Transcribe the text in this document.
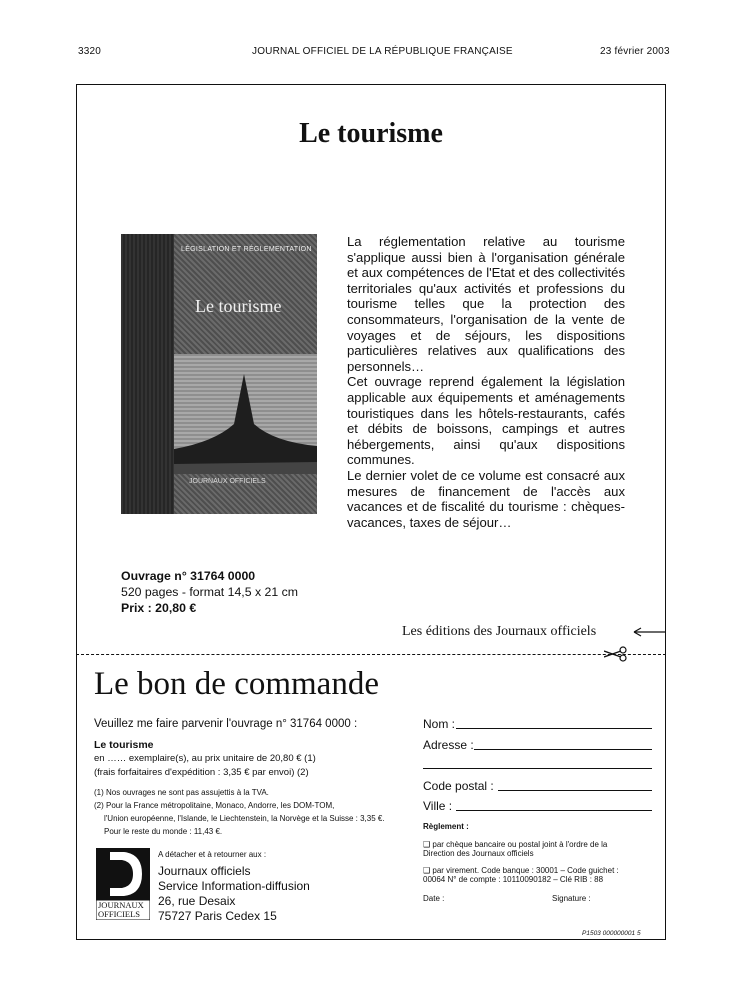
3320	JOURNAL OFFICIEL DE LA RÉPUBLIQUE FRANÇAISE	23 février 2003
Le tourisme
LÉGISLATION ET RÉGLEMENTATION
Le tourisme
JOURNAUX OFFICIELS

La réglementation relative au tourisme s'applique aussi bien à l'organisation générale et aux compétences de l'Etat et des collectivités territoriales qu'aux activités et professions du tourisme telles que la protection des consommateurs, l'organisation de la vente de voyages et de séjours, les dispositions particulières relatives aux qualifications des personnels…

Cet ouvrage reprend également la législation applicable aux équipements et aménagements touristiques dans les hôtels-restaurants, cafés et débits de boissons, campings et autres hébergements, ainsi qu'aux dispositions communes.

Le dernier volet de ce volume est consacré aux mesures de financement de l'accès aux vacances et de fiscalité du tourisme : chèques-vacances, taxes de séjour…

Ouvrage n° 31764 0000
520 pages - format 14,5 x 21 cm
Prix : 20,80 €
Les éditions des Journaux officiels
Le bon de commande
Veuillez me faire parvenir l'ouvrage n° 31764 0000 :
Le tourisme
en …… exemplaire(s), au prix unitaire de 20,80 € (1)
(frais forfaitaires d'expédition : 3,35 € par envoi) (2)
(1) Nos ouvrages ne sont pas assujettis à la TVA.
(2) Pour la France métropolitaine, Monaco, Andorre, les DOM-TOM,
l'Union européenne, l'Islande, le Liechtenstein, la Norvège et la Suisse : 3,35 €.
Pour le reste du monde : 11,43 €.
JOURNAUX
OFFICIELS
A détacher et à retourner aux :
Journaux officiels
Service Information-diffusion
26, rue Desaix
75727 Paris Cedex 15
Nom :
Adresse :
Code postal :
Ville :
Règlement :
❑ par chèque bancaire ou postal joint à l'ordre de la Direction des Journaux officiels
❑ par virement. Code banque : 30001 – Code guichet : 00064 N° de compte : 10110090182 – Clé RIB : 88
Date :	Signature :
P1503 000000001 5
